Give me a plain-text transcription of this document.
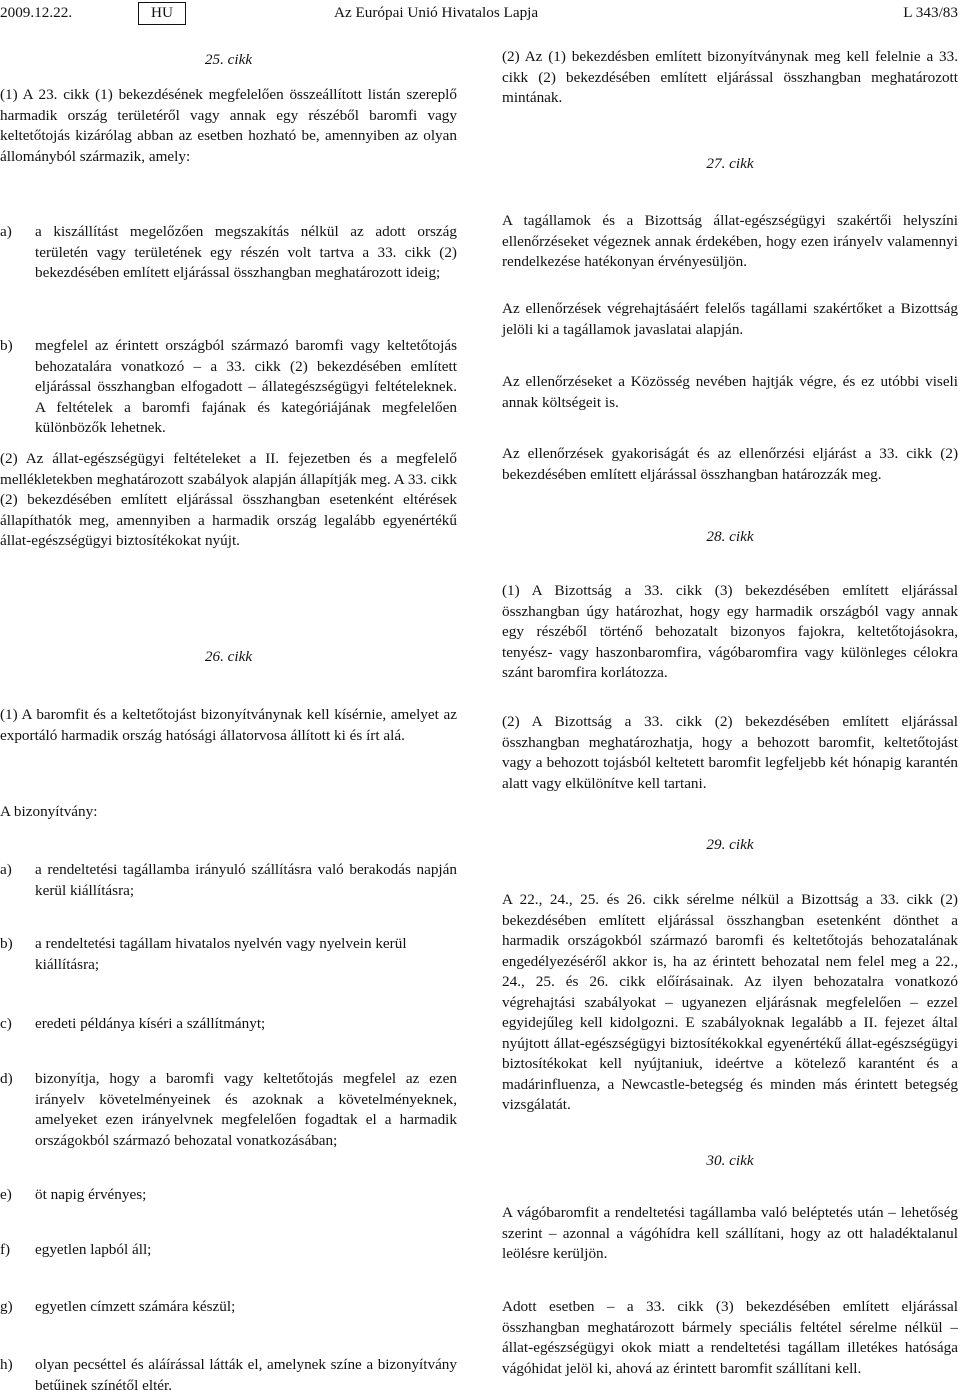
2009.12.22.	HU	Az Európai Unió Hivatalos Lapja	L 343/83

25. cikk

(1) A 23. cikk (1) bekezdésének megfelelően összeállított listán szereplő harmadik ország területéről vagy annak egy részéből baromfi vagy keltetőtojás kizárólag abban az esetben hozható be, amennyiben az olyan állományból származik, amely:

a) a kiszállítást megelőzően megszakítás nélkül az adott ország területén vagy területének egy részén volt tartva a 33. cikk (2) bekezdésében említett eljárással összhangban meghatározott ideig;
b) megfelel az érintett országból származó baromfi vagy keltetőtojás behozatalára vonatkozó – a 33. cikk (2) bekezdésében említett eljárással összhangban elfogadott – állategészségügyi feltételeknek. A feltételek a baromfi fajának és kategóriájának megfelelően különbözők lehetnek.

(2) Az állat-egészségügyi feltételeket a II. fejezetben és a megfelelő mellékletekben meghatározott szabályok alapján állapítják meg. A 33. cikk (2) bekezdésében említett eljárással összhangban esetenként eltérések állapíthatók meg, amennyiben a harmadik ország legalább egyenértékű állat-egészségügyi biztosítékokat nyújt.

26. cikk

(1) A baromfit és a keltetőtojást bizonyítványnak kell kísérnie, amelyet az exportáló harmadik ország hatósági állatorvosa állított ki és írt alá.

A bizonyítvány:

a) a rendeltetési tagállamba irányuló szállításra való berakodás napján kerül kiállításra;
b) a rendeltetési tagállam hivatalos nyelvén vagy nyelvein kerül kiállításra;
c) eredeti példánya kíséri a szállítmányt;
d) bizonyítja, hogy a baromfi vagy keltetőtojás megfelel az ezen irányelv követelményeinek és azoknak a követelményeknek, amelyeket ezen irányelvnek megfelelően fogadtak el a harmadik országokból származó behozatal vonatkozásában;
e) öt napig érvényes;
f) egyetlen lapból áll;
g) egyetlen címzett számára készül;
h) olyan pecséttel és aláírással látták el, amelynek színe a bizonyítvány betűinek színétől eltér.

(2) Az (1) bekezdésben említett bizonyítványnak meg kell felelnie a 33. cikk (2) bekezdésében említett eljárással összhangban meghatározott mintának.

27. cikk

A tagállamok és a Bizottság állat-egészségügyi szakértői helyszíni ellenőrzéseket végeznek annak érdekében, hogy ezen irányelv valamennyi rendelkezése hatékonyan érvényesüljön.

Az ellenőrzések végrehajtásáért felelős tagállami szakértőket a Bizottság jelöli ki a tagállamok javaslatai alapján.

Az ellenőrzéseket a Közösség nevében hajtják végre, és ez utóbbi viseli annak költségeit is.

Az ellenőrzések gyakoriságát és az ellenőrzési eljárást a 33. cikk (2) bekezdésében említett eljárással összhangban határozzák meg.

28. cikk

(1) A Bizottság a 33. cikk (3) bekezdésében említett eljárással összhangban úgy határozhat, hogy egy harmadik országból vagy annak egy részéből történő behozatalt bizonyos fajokra, keltetőtojásokra, tenyész- vagy haszonbaromfira, vágóbaromfira vagy különleges célokra szánt baromfira korlátozza.

(2) A Bizottság a 33. cikk (2) bekezdésében említett eljárással összhangban meghatározhatja, hogy a behozott baromfit, keltetőtojást vagy a behozott tojásból keltetett baromfit legfeljebb két hónapig karantén alatt vagy elkülönítve kell tartani.

29. cikk

A 22., 24., 25. és 26. cikk sérelme nélkül a Bizottság a 33. cikk (2) bekezdésében említett eljárással összhangban esetenként dönthet a harmadik országokból származó baromfi és keltetőtojás behozatalának engedélyezéséről akkor is, ha az érintett behozatal nem felel meg a 22., 24., 25. és 26. cikk előírásainak. Az ilyen behozatalra vonatkozó végrehajtási szabályokat – ugyanezen eljárásnak megfelelően – ezzel egyidejűleg kell kidolgozni. E szabályoknak legalább a II. fejezet által nyújtott állat-egészségügyi biztosítékokkal egyenértékű állat-egészségügyi biztosítékokat kell nyújtaniuk, ideértve a kötelező karantént és a madárinfluenza, a Newcastle-betegség és minden más érintett betegség vizsgálatát.

30. cikk

A vágóbaromfit a rendeltetési tagállamba való beléptetés után – lehetőség szerint – azonnal a vágóhídra kell szállítani, hogy az ott haladéktalanul leölésre kerüljön.

Adott esetben – a 33. cikk (3) bekezdésében említett eljárással összhangban meghatározott bármely speciális feltétel sérelme nélkül – állat-egészségügyi okok miatt a rendeltetési tagállam illetékes hatósága vágóhidat jelöl ki, ahová az érintett baromfit szállítani kell.
